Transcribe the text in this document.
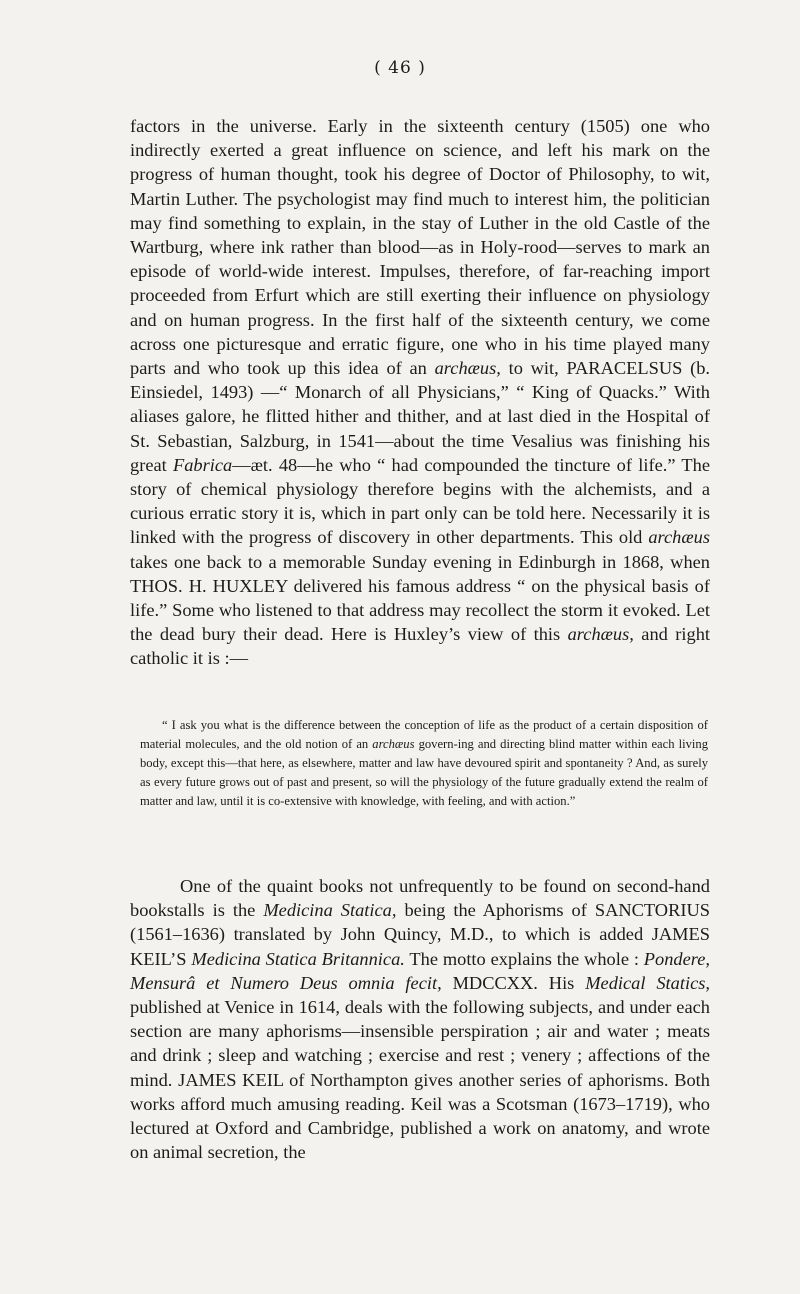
( 46 )

factors in the universe. Early in the sixteenth century (1505) one who indirectly exerted a great influence on science, and left his mark on the progress of human thought, took his degree of Doctor of Philosophy, to wit, Martin Luther. The psychologist may find much to interest him, the politician may find something to explain, in the stay of Luther in the old Castle of the Wartburg, where ink rather than blood—as in Holy-rood—serves to mark an episode of world-wide interest. Impulses, therefore, of far-reaching import proceeded from Erfurt which are still exerting their influence on physiology and on human progress. In the first half of the sixteenth century, we come across one picturesque and erratic figure, one who in his time played many parts and who took up this idea of an archæus, to wit, PARACELSUS (b. Einsiedel, 1493) —“ Monarch of all Physicians,” “ King of Quacks.” With aliases galore, he flitted hither and thither, and at last died in the Hospital of St. Sebastian, Salzburg, in 1541—about the time Vesalius was finishing his great Fabrica—æt. 48—he who “ had compounded the tincture of life.” The story of chemical physiology therefore begins with the alchemists, and a curious erratic story it is, which in part only can be told here. Necessarily it is linked with the progress of discovery in other departments. This old archæus takes one back to a memorable Sunday evening in Edinburgh in 1868, when THOS. H. HUXLEY delivered his famous address “ on the physical basis of life.” Some who listened to that address may recollect the storm it evoked. Let the dead bury their dead. Here is Huxley’s view of this archæus, and right catholic it is :—

“ I ask you what is the difference between the conception of life as the product of a certain disposition of material molecules, and the old notion of an archæus govern-ing and directing blind matter within each living body, except this—that here, as elsewhere, matter and law have devoured spirit and spontaneity ? And, as surely as every future grows out of past and present, so will the physiology of the future gradually extend the realm of matter and law, until it is co-extensive with knowledge, with feeling, and with action.”

One of the quaint books not unfrequently to be found on second-hand bookstalls is the Medicina Statica, being the Aphorisms of SANCTORIUS (1561–1636) translated by John Quincy, M.D., to which is added JAMES KEIL’S Medicina Statica Britannica. The motto explains the whole : Pondere, Mensurâ et Numero Deus omnia fecit, MDCCXX. His Medical Statics, published at Venice in 1614, deals with the following subjects, and under each section are many aphorisms—insensible perspiration ; air and water ; meats and drink ; sleep and watching ; exercise and rest ; venery ; affections of the mind. JAMES KEIL of Northampton gives another series of aphorisms. Both works afford much amusing reading. Keil was a Scotsman (1673–1719), who lectured at Oxford and Cambridge, published a work on anatomy, and wrote on animal secretion, the
